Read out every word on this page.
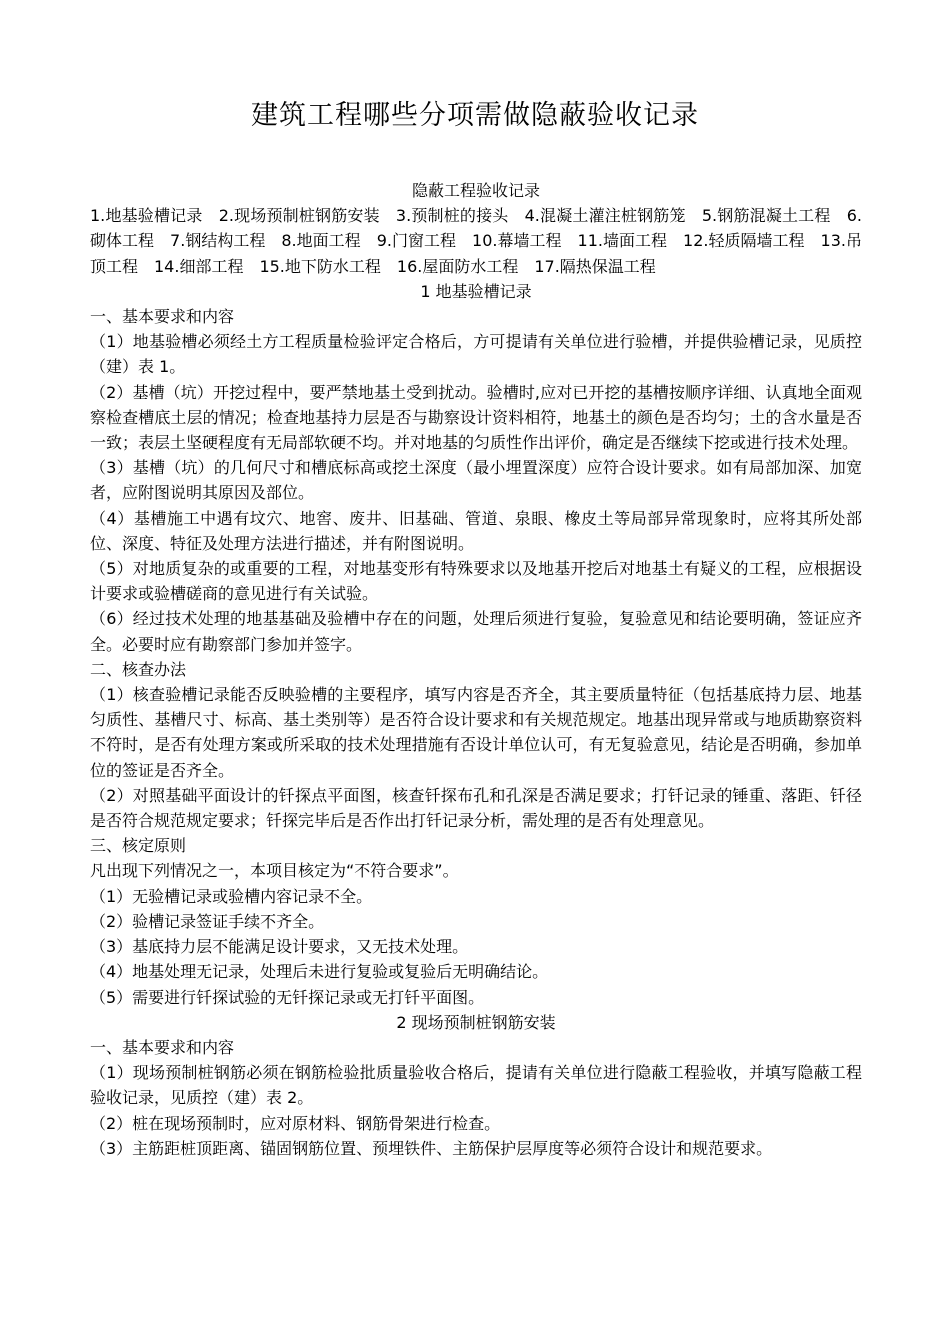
建筑工程哪些分项需做隐蔽验收记录

隐蔽工程验收记录

1.地基验槽记录　2.现场预制桩钢筋安装　3.预制桩的接头　4.混凝土灌注桩钢筋笼　5.钢筋混凝土工程　6.砌体工程　7.钢结构工程　8.地面工程　9.门窗工程　10.幕墙工程　11.墙面工程　12.轻质隔墙工程　13.吊顶工程　14.细部工程　15.地下防水工程　16.屋面防水工程　17.隔热保温工程

1 地基验槽记录

一、基本要求和内容

（1）地基验槽必须经土方工程质量检验评定合格后，方可提请有关单位进行验槽，并提供验槽记录，见质控（建）表 1。

（2）基槽（坑）开挖过程中，要严禁地基土受到扰动。验槽时,应对已开挖的基槽按顺序详细、认真地全面观察检查槽底土层的情况；检查地基持力层是否与勘察设计资料相符，地基土的颜色是否均匀；土的含水量是否一致；表层土坚硬程度有无局部软硬不均。并对地基的匀质性作出评价，确定是否继续下挖或进行技术处理。

（3）基槽（坑）的几何尺寸和槽底标高或挖土深度（最小埋置深度）应符合设计要求。如有局部加深、加宽者，应附图说明其原因及部位。

（4）基槽施工中遇有坟穴、地窖、废井、旧基础、管道、泉眼、橡皮土等局部异常现象时，应将其所处部位、深度、特征及处理方法进行描述，并有附图说明。

（5）对地质复杂的或重要的工程，对地基变形有特殊要求以及地基开挖后对地基土有疑义的工程，应根据设计要求或验槽磋商的意见进行有关试验。

（6）经过技术处理的地基基础及验槽中存在的问题，处理后须进行复验，复验意见和结论要明确，签证应齐全。必要时应有勘察部门参加并签字。

二、核查办法

（1）核查验槽记录能否反映验槽的主要程序，填写内容是否齐全，其主要质量特征（包括基底持力层、地基匀质性、基槽尺寸、标高、基土类别等）是否符合设计要求和有关规范规定。地基出现异常或与地质勘察资料不符时，是否有处理方案或所采取的技术处理措施有否设计单位认可，有无复验意见，结论是否明确，参加单位的签证是否齐全。

（2）对照基础平面设计的钎探点平面图，核查钎探布孔和孔深是否满足要求；打钎记录的锤重、落距、钎径是否符合规范规定要求；钎探完毕后是否作出打钎记录分析，需处理的是否有处理意见。

三、核定原则

凡出现下列情况之一，本项目核定为“不符合要求”。

（1）无验槽记录或验槽内容记录不全。

（2）验槽记录签证手续不齐全。

（3）基底持力层不能满足设计要求，又无技术处理。

（4）地基处理无记录，处理后未进行复验或复验后无明确结论。

（5）需要进行钎探试验的无钎探记录或无打钎平面图。

2 现场预制桩钢筋安装

一、基本要求和内容

（1）现场预制桩钢筋必须在钢筋检验批质量验收合格后，提请有关单位进行隐蔽工程验收，并填写隐蔽工程验收记录，见质控（建）表 2。

（2）桩在现场预制时，应对原材料、钢筋骨架进行检查。

（3）主筋距桩顶距离、锚固钢筋位置、预埋铁件、主筋保护层厚度等必须符合设计和规范要求。
